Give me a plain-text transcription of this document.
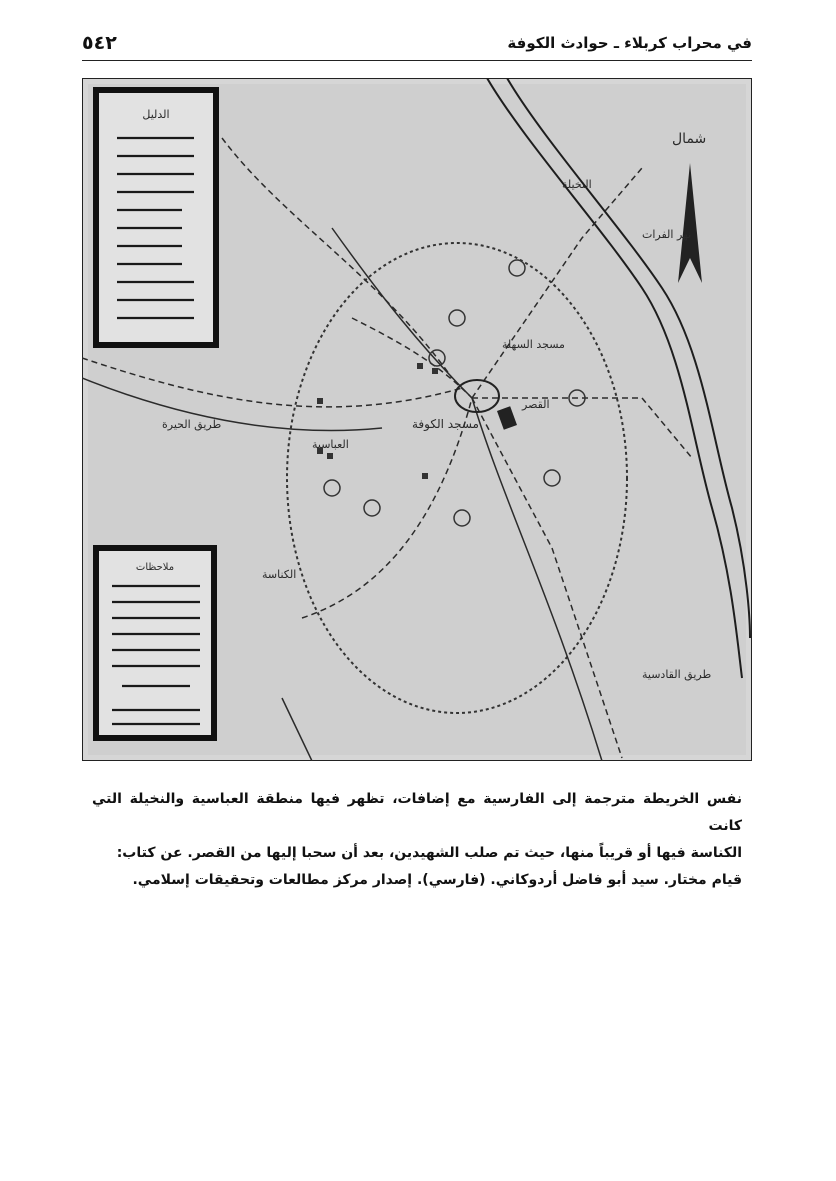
٥٤٢	في محراب كربلاء ـ حوادث الكوفة
شمال
مسجد الكوفة
القصر
الكناسة
العباسية
النخيلة
مسجد السهلة
نهر الفرات
طريق الحيرة
طريق القادسية
الدليل
ملاحظات
نفس الخريطة مترجمة إلى الفارسية مع إضافات، تظهر فيها منطقة العباسية والنخيلة التي كانت
الكناسة فيها أو قريباً منها، حيث تم صلب الشهيدين، بعد أن سحبا إليها من القصر. عن كتاب:
قيام مختار. سيد أبو فاضل أردوكاني. (فارسي). إصدار مركز مطالعات وتحقيقات إسلامي.
